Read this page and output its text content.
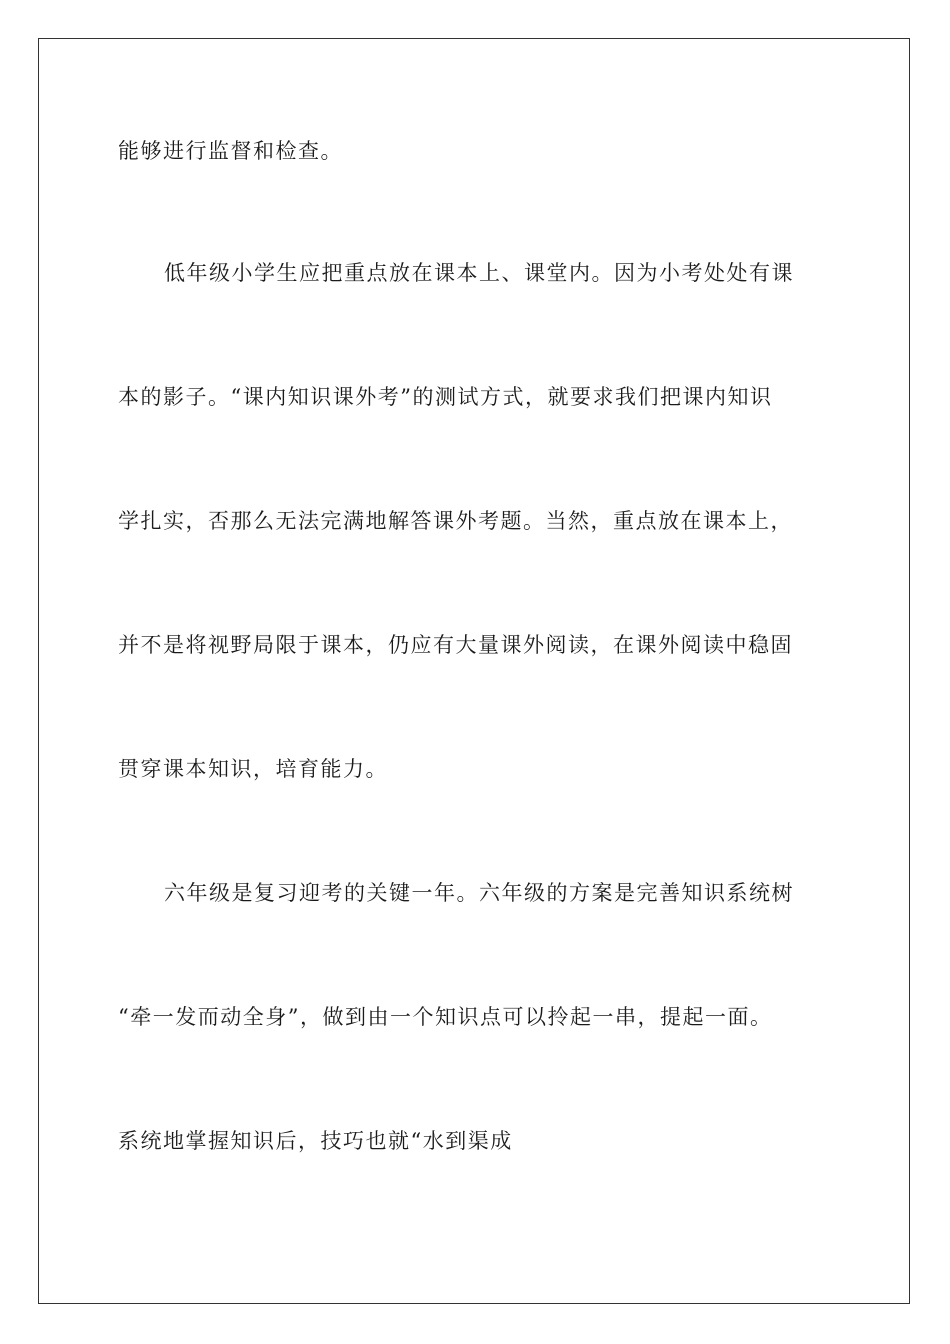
能够进行监督和检查。
低年级小学生应把重点放在课本上、课堂内。因为小考处处有课
本的影子。“课内知识课外考”的测试方式，就要求我们把课内知识
学扎实，否那么无法完满地解答课外考题。当然，重点放在课本上，
并不是将视野局限于课本，仍应有大量课外阅读，在课外阅读中稳固
贯穿课本知识，培育能力。
六年级是复习迎考的关键一年。六年级的方案是完善知识系统树
“牵一发而动全身”，做到由一个知识点可以拎起一串，提起一面。
系统地掌握知识后，技巧也就“水到渠成
